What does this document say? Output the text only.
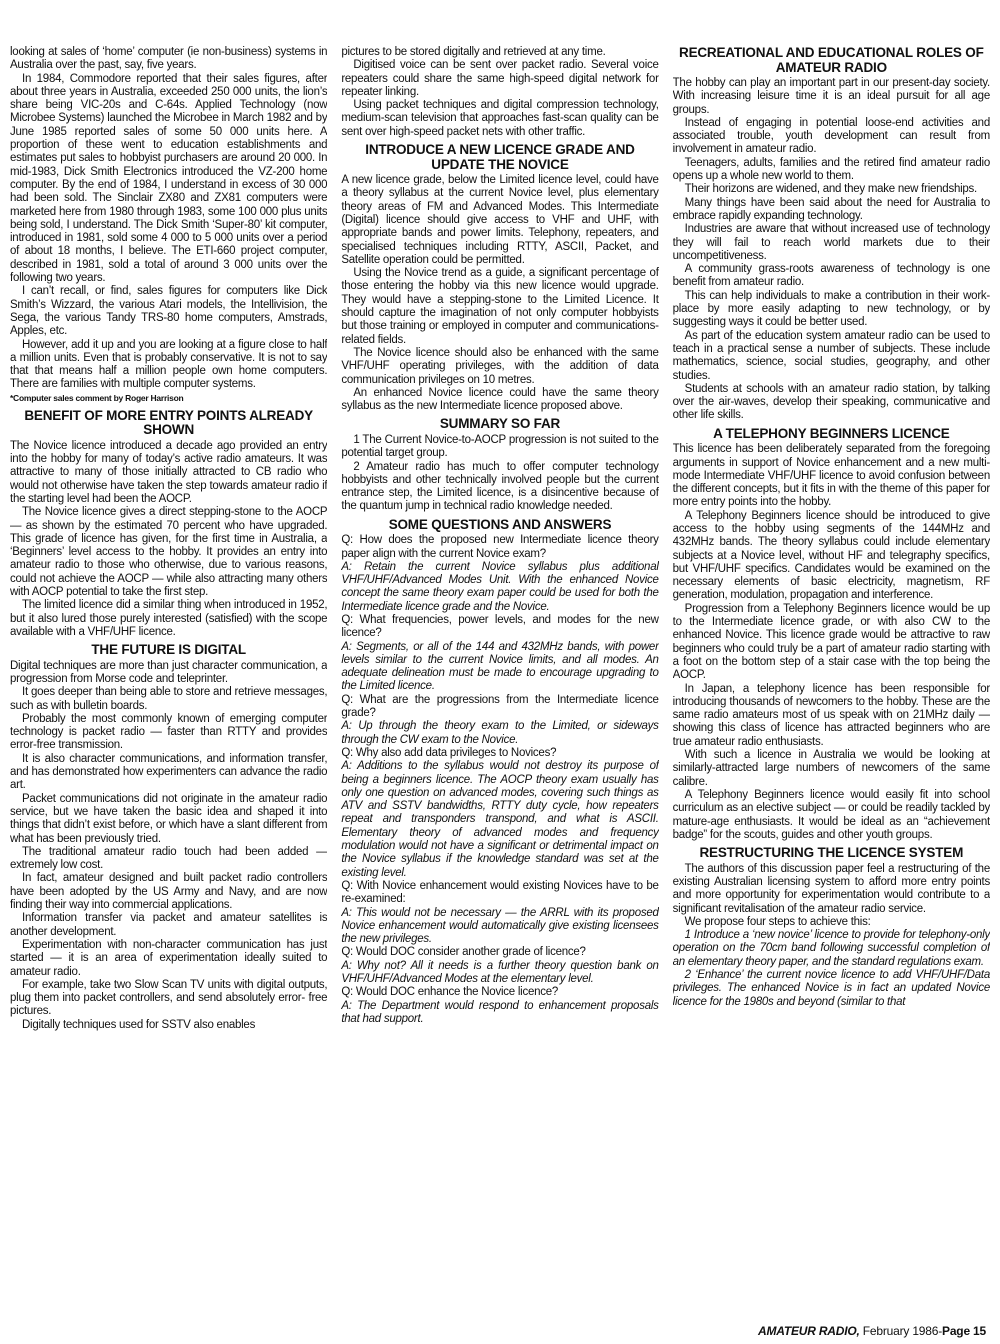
looking at sales of ‘home’ computer (ie non-business) systems in Australia over the past, say, five years.

In 1984, Commodore reported that their sales figures, after about three years in Australia, exceeded 250 000 units, the lion’s share being VIC-20s and C-64s. Applied Technology (now Microbee Systems) launched the Microbee in March 1982 and by June 1985 reported sales of some 50 000 units here. A proportion of these went to education establishments and estimates put sales to hobbyist purchasers are around 20 000. In mid-1983, Dick Smith Electronics introduced the VZ-200 home computer. By the end of 1984, I understand in excess of 30 000 had been sold. The Sinclair ZX80 and ZX81 computers were marketed here from 1980 through 1983, some 100 000 plus units being sold, I understand. The Dick Smith ‘Super-80’ kit computer, introduced in 1981, sold some 4 000 to 5 000 units over a period of about 18 months, I believe. The ETI-660 project computer, described in 1981, sold a total of around 3 000 units over the following two years.

I can’t recall, or find, sales figures for computers like Dick Smith’s Wizzard, the various Atari models, the Intellivision, the Sega, the various Tandy TRS-80 home computers, Amstrads, Apples, etc.

However, add it up and you are looking at a figure close to half a million units. Even that is probably conservative. It is not to say that that means half a million people own home computers. There are families with multiple computer systems.

*Computer sales comment by Roger Harrison
BENEFIT OF MORE ENTRY POINTS ALREADY SHOWN

The Novice licence introduced a decade ago provided an entry into the hobby for many of today’s active radio amateurs. It was attractive to many of those initially attracted to CB radio who would not otherwise have taken the step towards amateur radio if the starting level had been the AOCP.

The Novice licence gives a direct stepping-stone to the AOCP — as shown by the estimated 70 percent who have upgraded. This grade of licence has given, for the first time in Australia, a ‘Beginners’ level access to the hobby. It provides an entry into amateur radio to those who otherwise, due to various reasons, could not achieve the AOCP — while also attracting many others with AOCP potential to take the first step.

The limited licence did a similar thing when introduced in 1952, but it also lured those purely interested (satisfied) with the scope available with a VHF/UHF licence.

THE FUTURE IS DIGITAL

Digital techniques are more than just character communication, a progression from Morse code and teleprinter.

It goes deeper than being able to store and retrieve messages, such as with bulletin boards.

Probably the most commonly known of emerging computer technology is packet radio — faster than RTTY and provides error-free transmission.

It is also character communications, and information transfer, and has demonstrated how experimenters can advance the radio art.

Packet communications did not originate in the amateur radio service, but we have taken the basic idea and shaped it into things that didn’t exist before, or which have a slant different from what has been previously tried.

The traditional amateur radio touch had been added — extremely low cost.

In fact, amateur designed and built packet radio controllers have been adopted by the US Army and Navy, and are now finding their way into commercial applications.

Information transfer via packet and amateur satellites is another development.

Experimentation with non-character communication has just started — it is an area of experimentation ideally suited to amateur radio.

For example, take two Slow Scan TV units with digital outputs, plug them into packet controllers, and send absolutely error- free pictures.

Digitally techniques used for SSTV also enables

pictures to be stored digitally and retrieved at any time.

Digitised voice can be sent over packet radio. Several voice repeaters could share the same high-speed digital network for repeater linking.

Using packet techniques and digital compression technology, medium-scan television that approaches fast-scan quality can be sent over high-speed packet nets with other traffic.

INTRODUCE A NEW LICENCE GRADE AND UPDATE THE NOVICE

A new licence grade, below the Limited licence level, could have a theory syllabus at the current Novice level, plus elementary theory areas of FM and Advanced Modes. This Intermediate (Digital) licence should give access to VHF and UHF, with appropriate bands and power limits. Telephony, repeaters, and specialised techniques including RTTY, ASCII, Packet, and Satellite operation could be permitted.

Using the Novice trend as a guide, a significant percentage of those entering the hobby via this new licence would upgrade. They would have a stepping-stone to the Limited Licence. It should capture the imagination of not only computer hobbyists but those training or employed in computer and communications-related fields.

The Novice licence should also be enhanced with the same VHF/UHF operating privileges, with the addition of data communication privileges on 10 metres.

An enhanced Novice licence could have the same theory syllabus as the new Intermediate licence proposed above.

SUMMARY SO FAR

1 The Current Novice-to-AOCP progression is not suited to the potential target group.

2 Amateur radio has much to offer computer technology hobbyists and other technically involved people but the current entrance step, the Limited licence, is a disincentive because of the quantum jump in technical radio knowledge needed.

SOME QUESTIONS AND ANSWERS

Q: How does the proposed new Intermediate licence theory paper align with the current Novice exam?

A: Retain the current Novice syllabus plus additional VHF/UHF/Advanced Modes Unit. With the enhanced Novice concept the same theory exam paper could be used for both the Intermediate licence grade and the Novice.

Q: What frequencies, power levels, and modes for the new licence?

A: Segments, or all of the 144 and 432MHz bands, with power levels similar to the current Novice limits, and all modes. An adequate delineation must be made to encourage upgrading to the Limited licence.

Q: What are the progressions from the Intermediate licence grade?

A: Up through the theory exam to the Limited, or sideways through the CW exam to the Novice.

Q: Why also add data privileges to Novices?

A: Additions to the syllabus would not destroy its purpose of being a beginners licence. The AOCP theory exam usually has only one question on advanced modes, covering such things as ATV and SSTV bandwidths, RTTY duty cycle, how repeaters repeat and transponders transpond, and what is ASCII. Elementary theory of advanced modes and frequency modulation would not have a significant or detrimental impact on the Novice syllabus if the knowledge standard was set at the existing level.

Q: With Novice enhancement would existing Novices have to be re-examined:

A: This would not be necessary — the ARRL with its proposed Novice enhancement would automatically give existing licensees the new privileges.

Q: Would DOC consider another grade of licence?

A: Why not? All it needs is a further theory question bank on VHF/UHF/Advanced Modes at the elementary level.

Q: Would DOC enhance the Novice licence?

A: The Department would respond to enhancement proposals that had support.

RECREATIONAL AND EDUCATIONAL ROLES OF AMATEUR RADIO

The hobby can play an important part in our present-day society. With increasing leisure time it is an ideal pursuit for all age groups.

Instead of engaging in potential loose-end activities and associated trouble, youth development can result from involvement in amateur radio.

Teenagers, adults, families and the retired find amateur radio opens up a whole new world to them.

Their horizons are widened, and they make new friendships.

Many things have been said about the need for Australia to embrace rapidly expanding technology.

Industries are aware that without increased use of technology they will fail to reach world markets due to their uncompetitiveness.

A community grass-roots awareness of technology is one benefit from amateur radio.

This can help individuals to make a contribution in their work-place by more easily adapting to new technology, or by suggesting ways it could be better used.

As part of the education system amateur radio can be used to teach in a practical sense a number of subjects. These include mathematics, science, social studies, geography, and other studies.

Students at schools with an amateur radio station, by talking over the air-waves, develop their speaking, communicative and other life skills.

A TELEPHONY BEGINNERS LICENCE

This licence has been deliberately separated from the foregoing arguments in support of Novice enhancement and a new multi-mode Intermediate VHF/UHF licence to avoid confusion between the different concepts, but it fits in with the theme of this paper for more entry points into the hobby.

A Telephony Beginners licence should be introduced to give access to the hobby using segments of the 144MHz and 432MHz bands. The theory syllabus could include elementary subjects at a Novice level, without HF and telegraphy specifics, but VHF/UHF specifics. Candidates would be examined on the necessary elements of basic electricity, magnetism, RF generation, modulation, propagation and interference.

Progression from a Telephony Beginners licence would be up to the Intermediate licence grade, or with also CW to the enhanced Novice. This licence grade would be attractive to raw beginners who could truly be a part of amateur radio starting with a foot on the bottom step of a stair case with the top being the AOCP.

In Japan, a telephony licence has been responsible for introducing thousands of newcomers to the hobby. These are the same radio amateurs most of us speak with on 21MHz daily — showing this class of licence has attracted beginners who are true amateur radio enthusiasts.

With such a licence in Australia we would be looking at similarly-attracted large numbers of newcomers of the same calibre.

A Telephony Beginners licence would easily fit into school curriculum as an elective subject — or could be readily tackled by mature-age enthusiasts. It would be ideal as an “achievement badge” for the scouts, guides and other youth groups.

RESTRUCTURING THE LICENCE SYSTEM

The authors of this discussion paper feel a restructuring of the existing Australian licensing system to afford more entry points and more opportunity for experimentation would contribute to a significant revitalisation of the amateur radio service.

We propose four steps to achieve this:

1 Introduce a ‘new novice’ licence to provide for telephony-only operation on the 70cm band following successful completion of an elementary theory paper, and the standard regulations exam.

2 ‘Enhance’ the current novice licence to add VHF/UHF/Data privileges. The enhanced Novice is in fact an updated Novice licence for the 1980s and beyond (similar to that

AMATEUR RADIO, February 1986-Page 15
